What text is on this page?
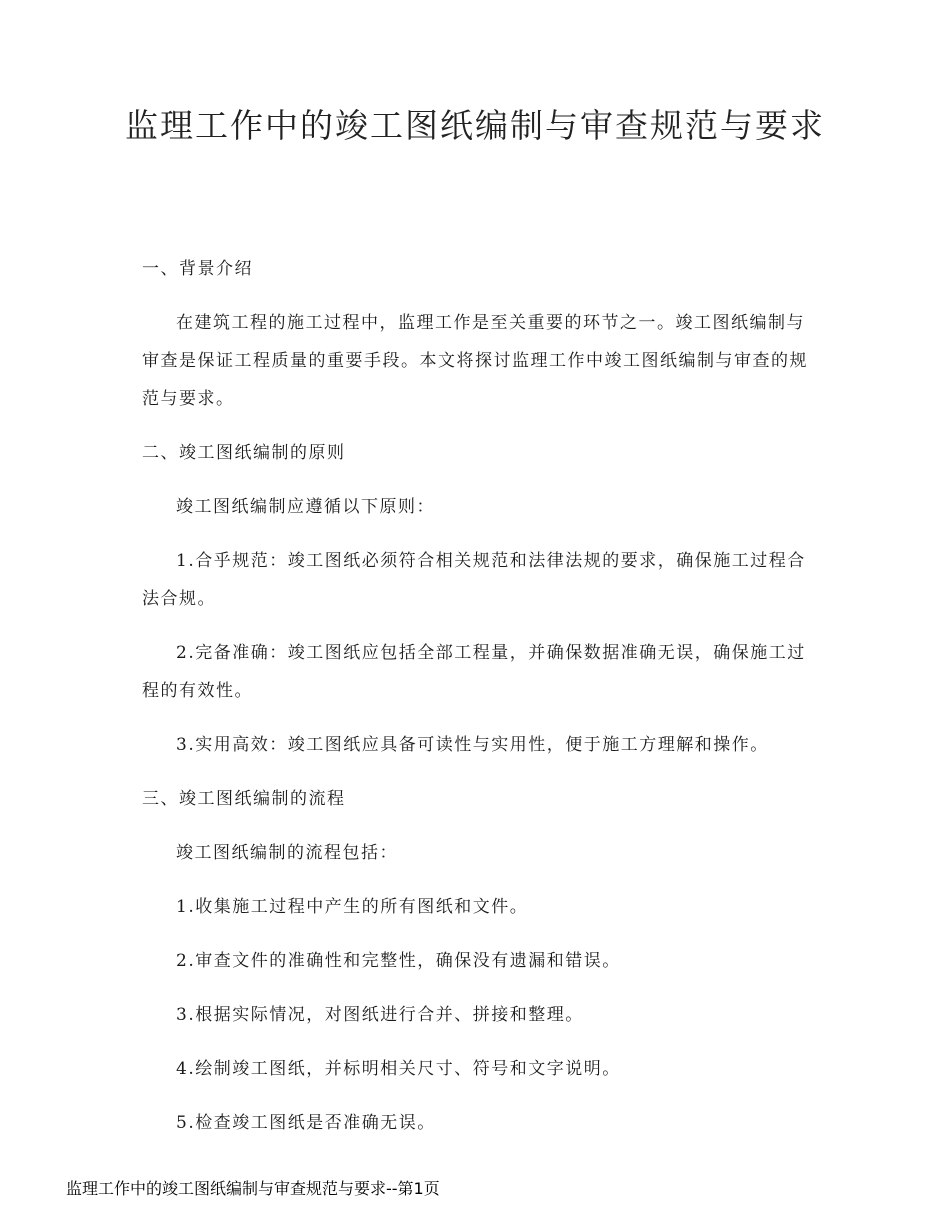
监理工作中的竣工图纸编制与审查规范与要求

一、背景介绍

在建筑工程的施工过程中，监理工作是至关重要的环节之一。竣工图纸编制与审查是保证工程质量的重要手段。本文将探讨监理工作中竣工图纸编制与审查的规范与要求。

二、竣工图纸编制的原则

竣工图纸编制应遵循以下原则：

1.合乎规范：竣工图纸必须符合相关规范和法律法规的要求，确保施工过程合法合规。

2.完备准确：竣工图纸应包括全部工程量，并确保数据准确无误，确保施工过程的有效性。

3.实用高效：竣工图纸应具备可读性与实用性，便于施工方理解和操作。

三、竣工图纸编制的流程

竣工图纸编制的流程包括：

1.收集施工过程中产生的所有图纸和文件。

2.审查文件的准确性和完整性，确保没有遗漏和错误。

3.根据实际情况，对图纸进行合并、拼接和整理。

4.绘制竣工图纸，并标明相关尺寸、符号和文字说明。

5.检查竣工图纸是否准确无误。

监理工作中的竣工图纸编制与审查规范与要求--第1页
